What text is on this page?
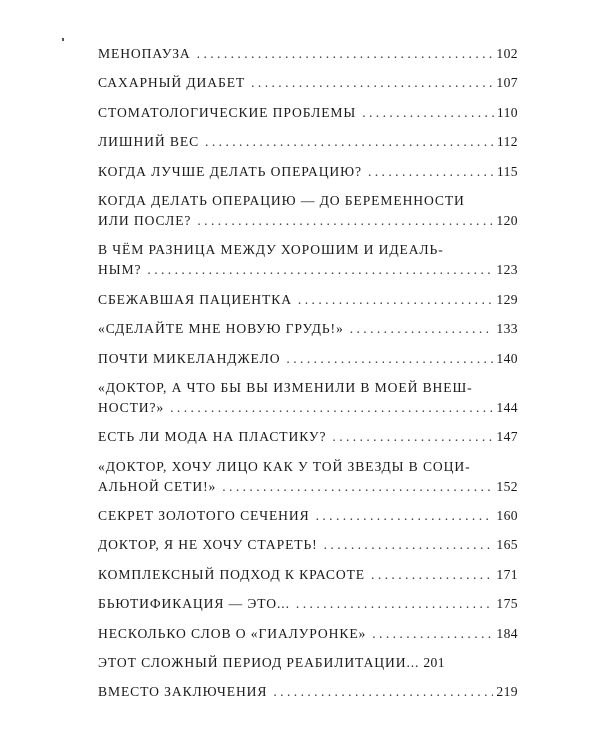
МЕНОПАУЗА . . .	102
САХАРНЫЙ ДИАБЕТ . . .	107
СТОМАТОЛОГИЧЕСКИЕ ПРОБЛЕМЫ . . .	110
ЛИШНИЙ ВЕС . . .	112
КОГДА ЛУЧШЕ ДЕЛАТЬ ОПЕРАЦИЮ? . . .	115
КОГДА ДЕЛАТЬ ОПЕРАЦИЮ — ДО БЕРЕМЕННОСТИ
ИЛИ ПОСЛЕ? . . .	120
В ЧЁМ РАЗНИЦА МЕЖДУ ХОРОШИМ И ИДЕАЛЬ-
НЫМ? . . .	123
СБЕЖАВШАЯ ПАЦИЕНТКА . . .	129
«СДЕЛАЙТЕ МНЕ НОВУЮ ГРУДЬ!» . . .	133
ПОЧТИ МИКЕЛАНДЖЕЛО . . .	140
«ДОКТОР, А ЧТО БЫ ВЫ ИЗМЕНИЛИ В МОЕЙ ВНЕШ-
НОСТИ?» . . .	144
ЕСТЬ ЛИ МОДА НА ПЛАСТИКУ? . . .	147
«ДОКТОР, ХОЧУ ЛИЦО КАК У ТОЙ ЗВЕЗДЫ В СОЦИ-
АЛЬНОЙ СЕТИ!» . . .	152
СЕКРЕТ ЗОЛОТОГО СЕЧЕНИЯ . . .	160
ДОКТОР, Я НЕ ХОЧУ СТАРЕТЬ! . . .	165
КОМПЛЕКСНЫЙ ПОДХОД К КРАСОТЕ . . .	171
БЬЮТИФИКАЦИЯ — ЭТО... . . .	175
НЕСКОЛЬКО СЛОВ О «ГИАЛУРОНКЕ» . . .	184
ЭТОТ СЛОЖНЫЙ ПЕРИОД РЕАБИЛИТАЦИИ... 201
ВМЕСТО ЗАКЛЮЧЕНИЯ . . .	219
